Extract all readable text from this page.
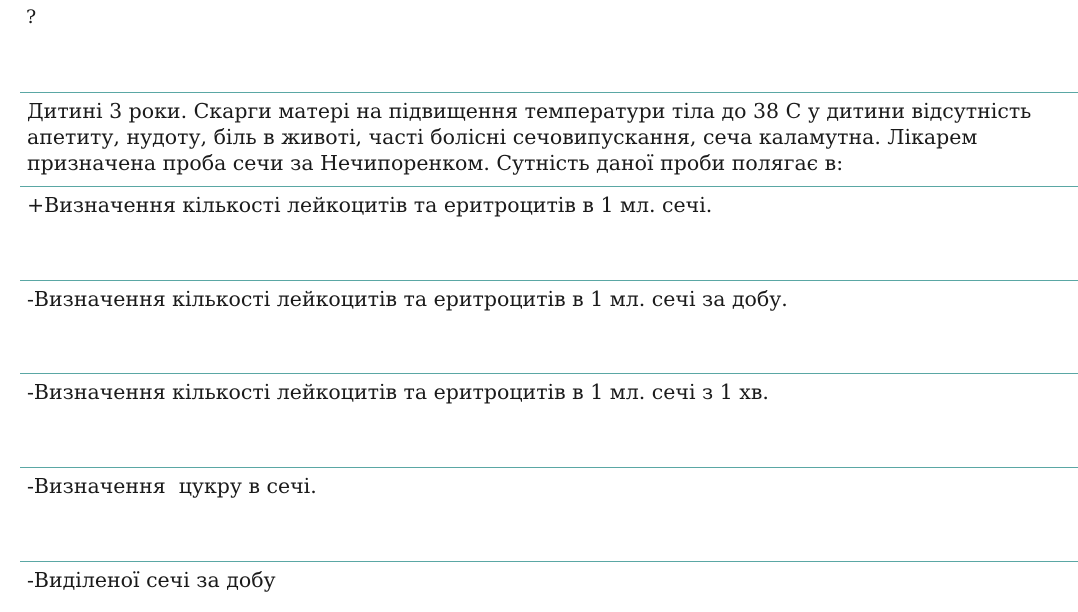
?
Дитині 3 роки. Скарги матері на підвищення температури тіла до 38 С у дитини відсутність апетиту, нудоту, біль в животі, часті болісні сечовипускання, сеча каламутна. Лікарем призначена проба сечи за Нечипоренком. Сутність даної проби полягає в:
+Визначення кількості лейкоцитів та еритроцитів в 1 мл. сечі.
-Визначення кількості лейкоцитів та еритроцитів в 1 мл. сечі за добу.
-Визначення кількості лейкоцитів та еритроцитів в 1 мл. сечі з 1 хв.
-Визначення  цукру в сечі.
-Виділеної сечі за добу
